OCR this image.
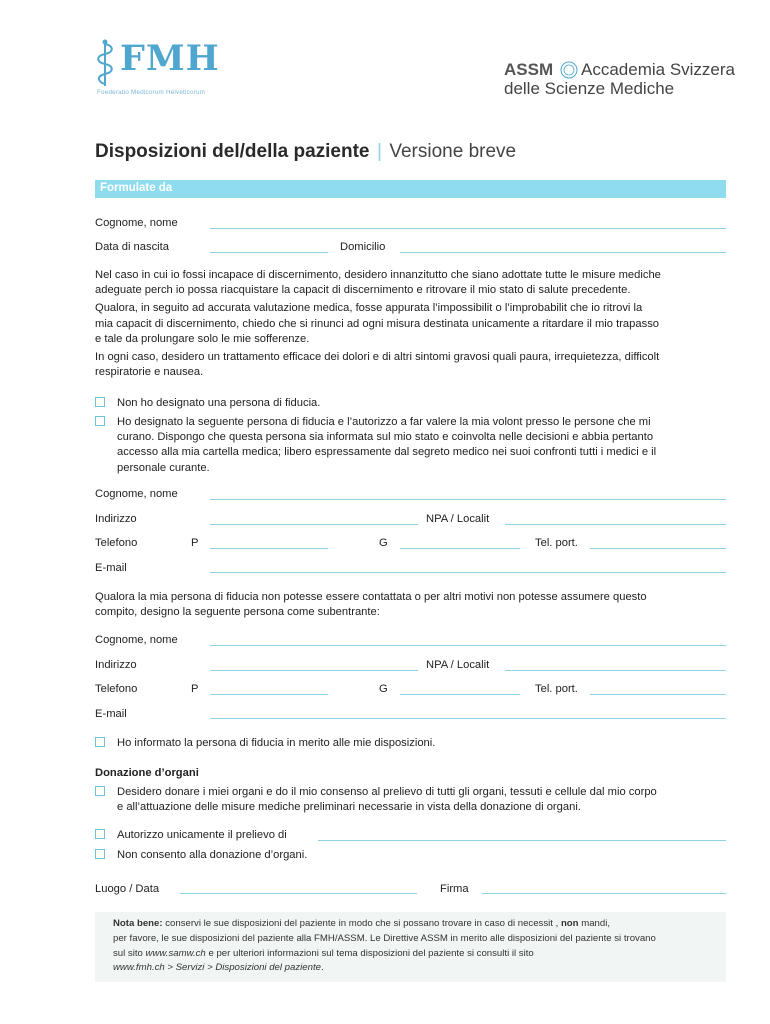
FMH
Foederatio Medicorum Helveticorum
ASSM Accademia Svizzera
delle Scienze Mediche
Disposizioni del/della paziente | Versione breve
Formulate da
Cognome, nome
Data di nascita	Domicilio
Nel caso in cui io fossi incapace di discernimento, desidero innanzitutto che siano adottate tutte le misure mediche
adeguate perch io possa riacquistare la capacit di discernimento e ritrovare il mio stato di salute precedente.
Qualora, in seguito ad accurata valutazione medica, fosse appurata l’impossibilit o l’improbabilit che io ritrovi la
mia capacit di discernimento, chiedo che si rinunci ad ogni misura destinata unicamente a ritardare il mio trapasso
e tale da prolungare solo le mie sofferenze.
In ogni caso, desidero un trattamento efficace dei dolori e di altri sintomi gravosi quali paura, irrequietezza, difficolt
respiratorie e nausea.
Non ho designato una persona di fiducia.
Ho designato la seguente persona di fiducia e l’autorizzo a far valere la mia volont presso le persone che mi
curano. Dispongo che questa persona sia informata sul mio stato e coinvolta nelle decisioni e abbia pertanto
accesso alla mia cartella medica; libero espressamente dal segreto medico nei suoi confronti tutti i medici e il
personale curante.
Cognome, nome
Indirizzo	NPA / Localit
Telefono	P	G	Tel. port.
E-mail
Qualora la mia persona di fiducia non potesse essere contattata o per altri motivi non potesse assumere questo
compito, designo la seguente persona come subentrante:
Cognome, nome
Indirizzo	NPA / Localit
Telefono	P	G	Tel. port.
E-mail
Ho informato la persona di fiducia in merito alle mie disposizioni.
Donazione d’organi
Desidero donare i miei organi e do il mio consenso al prelievo di tutti gli organi, tessuti e cellule dal mio corpo
e all’attuazione delle misure mediche preliminari necessarie in vista della donazione di organi.
Autorizzo unicamente il prelievo di
Non consento alla donazione d’organi.
Luogo / Data	Firma
Nota bene: conservi le sue disposizioni del paziente in modo che si possano trovare in caso di necessit , non mandi,
per favore, le sue disposizioni del paziente alla FMH/ASSM. Le Direttive ASSM in merito alle disposizioni del paziente si trovano
sul sito www.samw.ch e per ulteriori informazioni sul tema disposizioni del paziente si consulti il sito
www.fmh.ch > Servizi > Disposizioni del paziente.
